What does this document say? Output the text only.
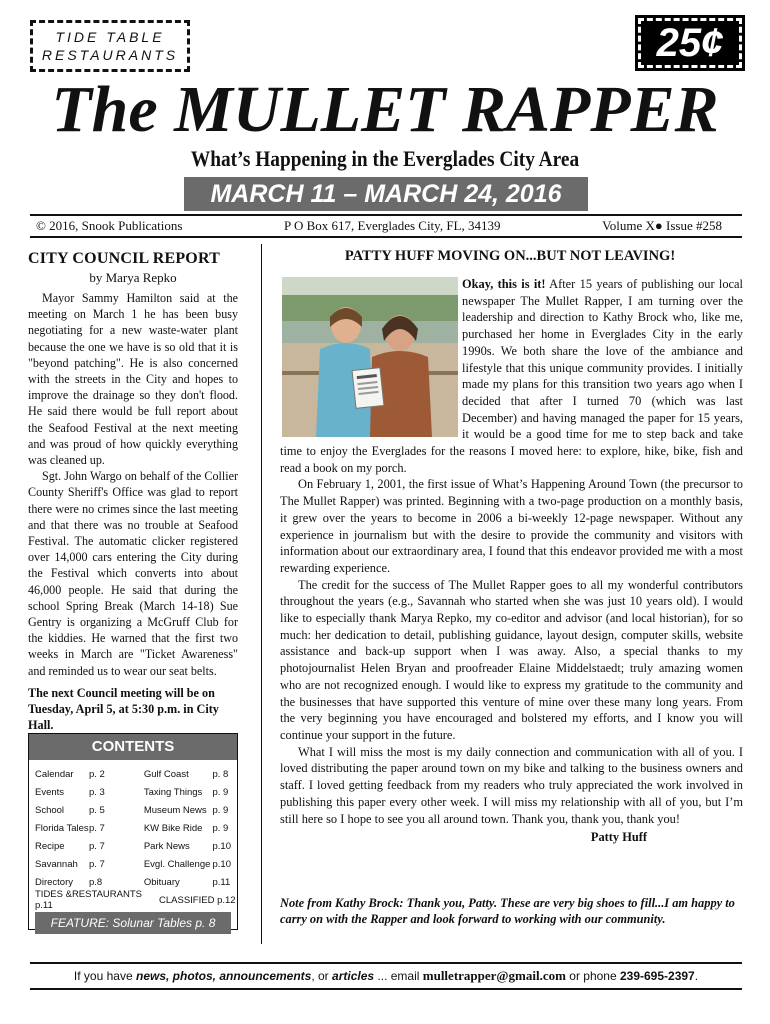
TIDE TABLE
RESTAURANTS	25¢
The MULLET RAPPER
What’s Happening in the Everglades City Area
MARCH 11 – MARCH 24, 2016
© 2016, Snook Publications	P O Box 617, Everglades City, FL, 34139	Volume X● Issue #258
CITY COUNCIL REPORT
by Marya Repko

Mayor Sammy Hamilton said at the meeting on March 1 he has been busy negotiating for a new waste-water plant because the one we have is so old that it is "beyond patching". He is also concerned with the streets in the City and hopes to improve the drainage so they don't flood. He said there would be full report about the Seafood Festival at the next meeting and was proud of how quickly everything was cleaned up.

Sgt. John Wargo on behalf of the Collier County Sheriff's Office was glad to report there were no crimes since the last meeting and that there was no trouble at Seafood Festival. The automatic clicker registered over 14,000 cars entering the City during the Festival which converts into about 46,000 people. He said that during the school Spring Break (March 14-18) Sue Gentry is organizing a McGruff Club for the kiddies. He warned that the first two weeks in March are "Ticket Awareness" and reminded us to wear our seat belts.

The next Council meeting will be on Tuesday, April 5, at 5:30 p.m. in City Hall.

CONTENTS
Calendar	p. 2	Gulf Coast	p. 8
Events	p. 3	Taxing Things	p. 9
School	p. 5	Museum News p. 9
Florida Tales p. 7	KW Bike Ride	p. 9
Recipe	p. 7	Park News	p.10
Savannah	p. 7	Evgl. Challenge p.10
Directory	p.8	Obituary	p.11
TIDES &RESTAURANTS p.11	CLASSIFIED p.12
FEATURE: Solunar Tables p. 8
PATTY HUFF MOVING ON...BUT NOT LEAVING!

Okay, this is it! After 15 years of publishing our local newspaper The Mullet Rapper, I am turning over the leadership and direction to Kathy Brock who, like me, purchased her home in Everglades City in the early 1990s. We both share the love of the ambiance and lifestyle that this unique community provides. I initially made my plans for this transition two years ago when I decided that after I turned 70 (which was last December) and having managed the paper for 15 years, it would be a good time for me to step back and take time to enjoy the Everglades for the reasons I moved here: to explore, hike, bike, fish and read a book on my porch.

On February 1, 2001, the first issue of What’s Happening Around Town (the precursor to The Mullet Rapper) was printed. Beginning with a two-page production on a monthly basis, it grew over the years to become in 2006 a bi-weekly 12-page newspaper. Without any experience in journalism but with the desire to provide the community and visitors with information about our extraordinary area, I found that this endeavor provided me with a most rewarding experience.

The credit for the success of The Mullet Rapper goes to all my wonderful contributors throughout the years (e.g., Savannah who started when she was just 10 years old). I would like to especially thank Marya Repko, my co-editor and advisor (and local historian), for so much: her dedication to detail, publishing guidance, layout design, computer skills, website assistance and back-up support when I was away. Also, a special thanks to my photojournalist Helen Bryan and proofreader Elaine Middelstaedt; truly amazing women who are not recognized enough. I would like to express my gratitude to the community and the businesses that have supported this venture of mine over these many long years. From the very beginning you have encouraged and bolstered my efforts, and I know you will continue your support in the future.

What I will miss the most is my daily connection and communication with all of you. I loved distributing the paper around town on my bike and talking to the business owners and staff. I loved getting feedback from my readers who truly appreciated the work involved in publishing this paper every other week. I will miss my relationship with all of you, but I’m still here so I hope to see you all around town. Thank you, thank you, thank you!

Patty Huff

Note from Kathy Brock: Thank you, Patty. These are very big shoes to fill...I am happy to carry on with the Rapper and look forward to working with our community.
If you have
news, photos, announcements , or
articles
... email
mulletrapper@gmail.com
or phone
239-695-2397 .
